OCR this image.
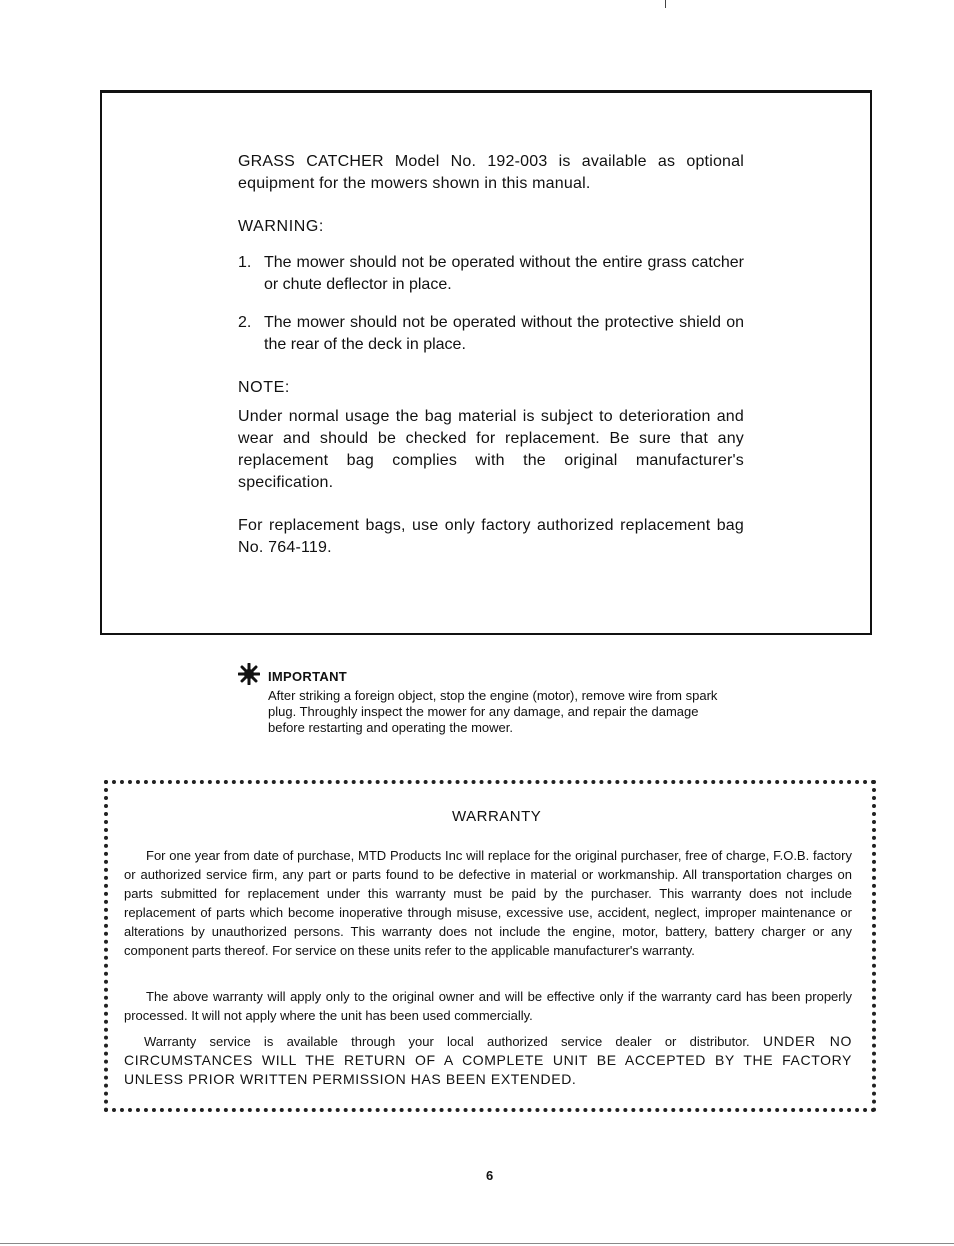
GRASS CATCHER Model No. 192-003 is available as optional equipment for the mowers shown in this manual.
WARNING:
1. The mower should not be operated without the entire grass catcher or chute deflector in place.
2. The mower should not be operated without the protective shield on the rear of the deck in place.
NOTE:
Under normal usage the bag material is subject to deterioration and wear and should be checked for replacement. Be sure that any replacement bag complies with the original manufacturer's specification.
For replacement bags, use only factory authorized replacement bag No. 764-119.
IMPORTANT
After striking a foreign object, stop the engine (motor), remove wire from spark plug. Throughly inspect the mower for any damage, and repair the damage before restarting and operating the mower.
WARRANTY
For one year from date of purchase, MTD Products Inc will replace for the original purchaser, free of charge, F.O.B. factory or authorized service firm, any part or parts found to be defective in material or workmanship. All transportation charges on parts submitted for replacement under this warranty must be paid by the purchaser. This warranty does not include replacement of parts which become inoperative through misuse, excessive use, accident, neglect, improper maintenance or alterations by unauthorized persons. This warranty does not include the engine, motor, battery, battery charger or any component parts thereof. For service on these units refer to the applicable manufacturer's warranty.
The above warranty will apply only to the original owner and will be effective only if the warranty card has been properly processed. It will not apply where the unit has been used commercially.
Warranty service is available through your local authorized service dealer or distributor. UNDER NO CIRCUMSTANCES WILL THE RETURN OF A COMPLETE UNIT BE ACCEPTED BY THE FACTORY UNLESS PRIOR WRITTEN PERMISSION HAS BEEN EXTENDED.
6
